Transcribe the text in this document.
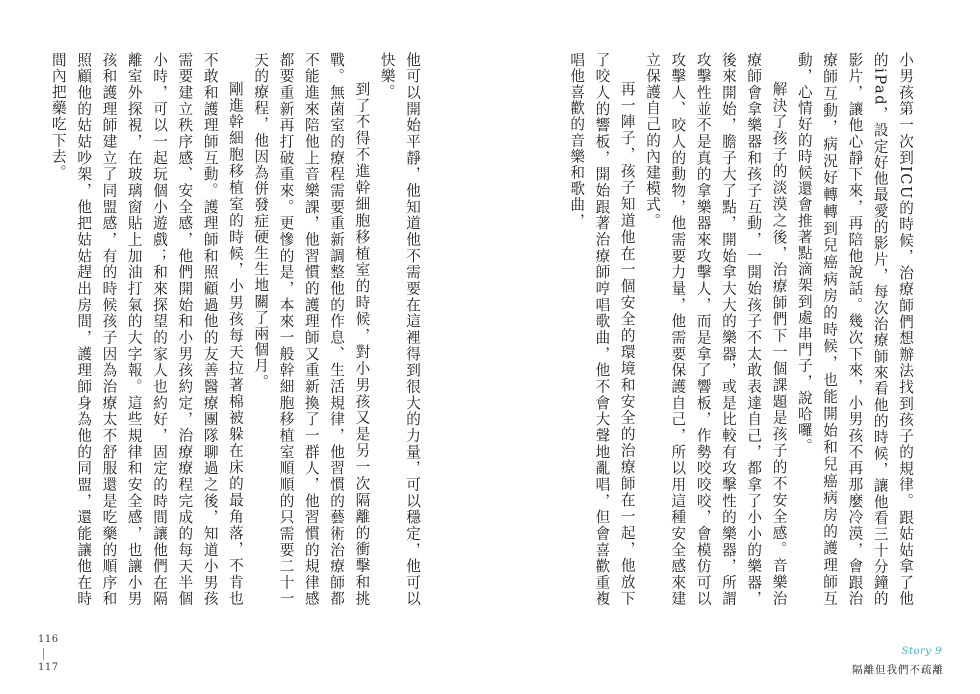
小男孩第一次到ICU的時候，治療師們想辦法找到孩子的規律。跟姑姑拿了他的iPad，設定好他最愛的影片，每次治療師來看他的時候，讓他看三十分鐘的影片，讓他心靜下來，再陪他說話。幾次下來，小男孩不再那麼冷漠，會跟治療師互動，病況好轉轉到兒癌病房的時候，也能開始和兒癌病房的護理師互動，心情好的時候還會推著點滴架到處串門子，說哈囉。

解決了孩子的淡漠之後，治療師們下一個課題是孩子的不安全感。音樂治療師會拿樂器和孩子互動，一開始孩子不太敢表達自己，都拿了小小的樂器，後來開始，膽子大了點，開始拿大大的樂器，或是比較有攻擊性的樂器，所謂攻擊性並不是真的拿樂器來攻擊人，而是拿了響板，作勢咬咬咬，會模仿可以攻擊人、咬人的動物，他需要力量，他需要保護自己，所以用這種安全感來建立保護自己的內建模式。

再一陣子，孩子知道他在一個安全的環境和安全的治療師在一起，他放下了咬人的響板，開始跟著治療師哼唱歌曲，他不會大聲地亂唱，但會喜歡重複唱他喜歡的音樂和歌曲，

他可以開始平靜，他知道他不需要在這裡得到很大的力量，可以穩定，他可以快樂。

到了不得不進幹細胞移植室的時候，對小男孩又是另一次隔離的衝擊和挑戰。無菌室的療程需要重新調整他的作息、生活規律，他習慣的藝術治療師都不能進來陪他上音樂課，他習慣的護理師又重新換了一群人，他習慣的規律感都要重新再打破重來。更慘的是，本來一般幹細胞移植室順順的只需要二十一天的療程，他因為併發症硬生生地關了兩個月。

剛進幹細胞移植室的時候，小男孩每天拉著棉被躲在床的最角落，不肯也不敢和護理師互動。護理師和照顧過他的友善醫療團隊聊過之後，知道小男孩需要建立秩序感、安全感，他們開始和小男孩約定，治療療程完成的每天半個小時，可以一起玩個小遊戲；和來探望的家人也約好，固定的時間讓他們在隔離室外探視，在玻璃窗貼上加油打氣的大字報。這些規律和安全感，也讓小男孩和護理師建立了同盟感，有的時候孩子因為治療太不舒服還是吃藥的順序和照顧他的姑姑吵架，他把姑姑趕出房間，護理師身為他的同盟，還能讓他在時間內把藥吃下去。

116
117
Story 9
隔離但我們不疏離
